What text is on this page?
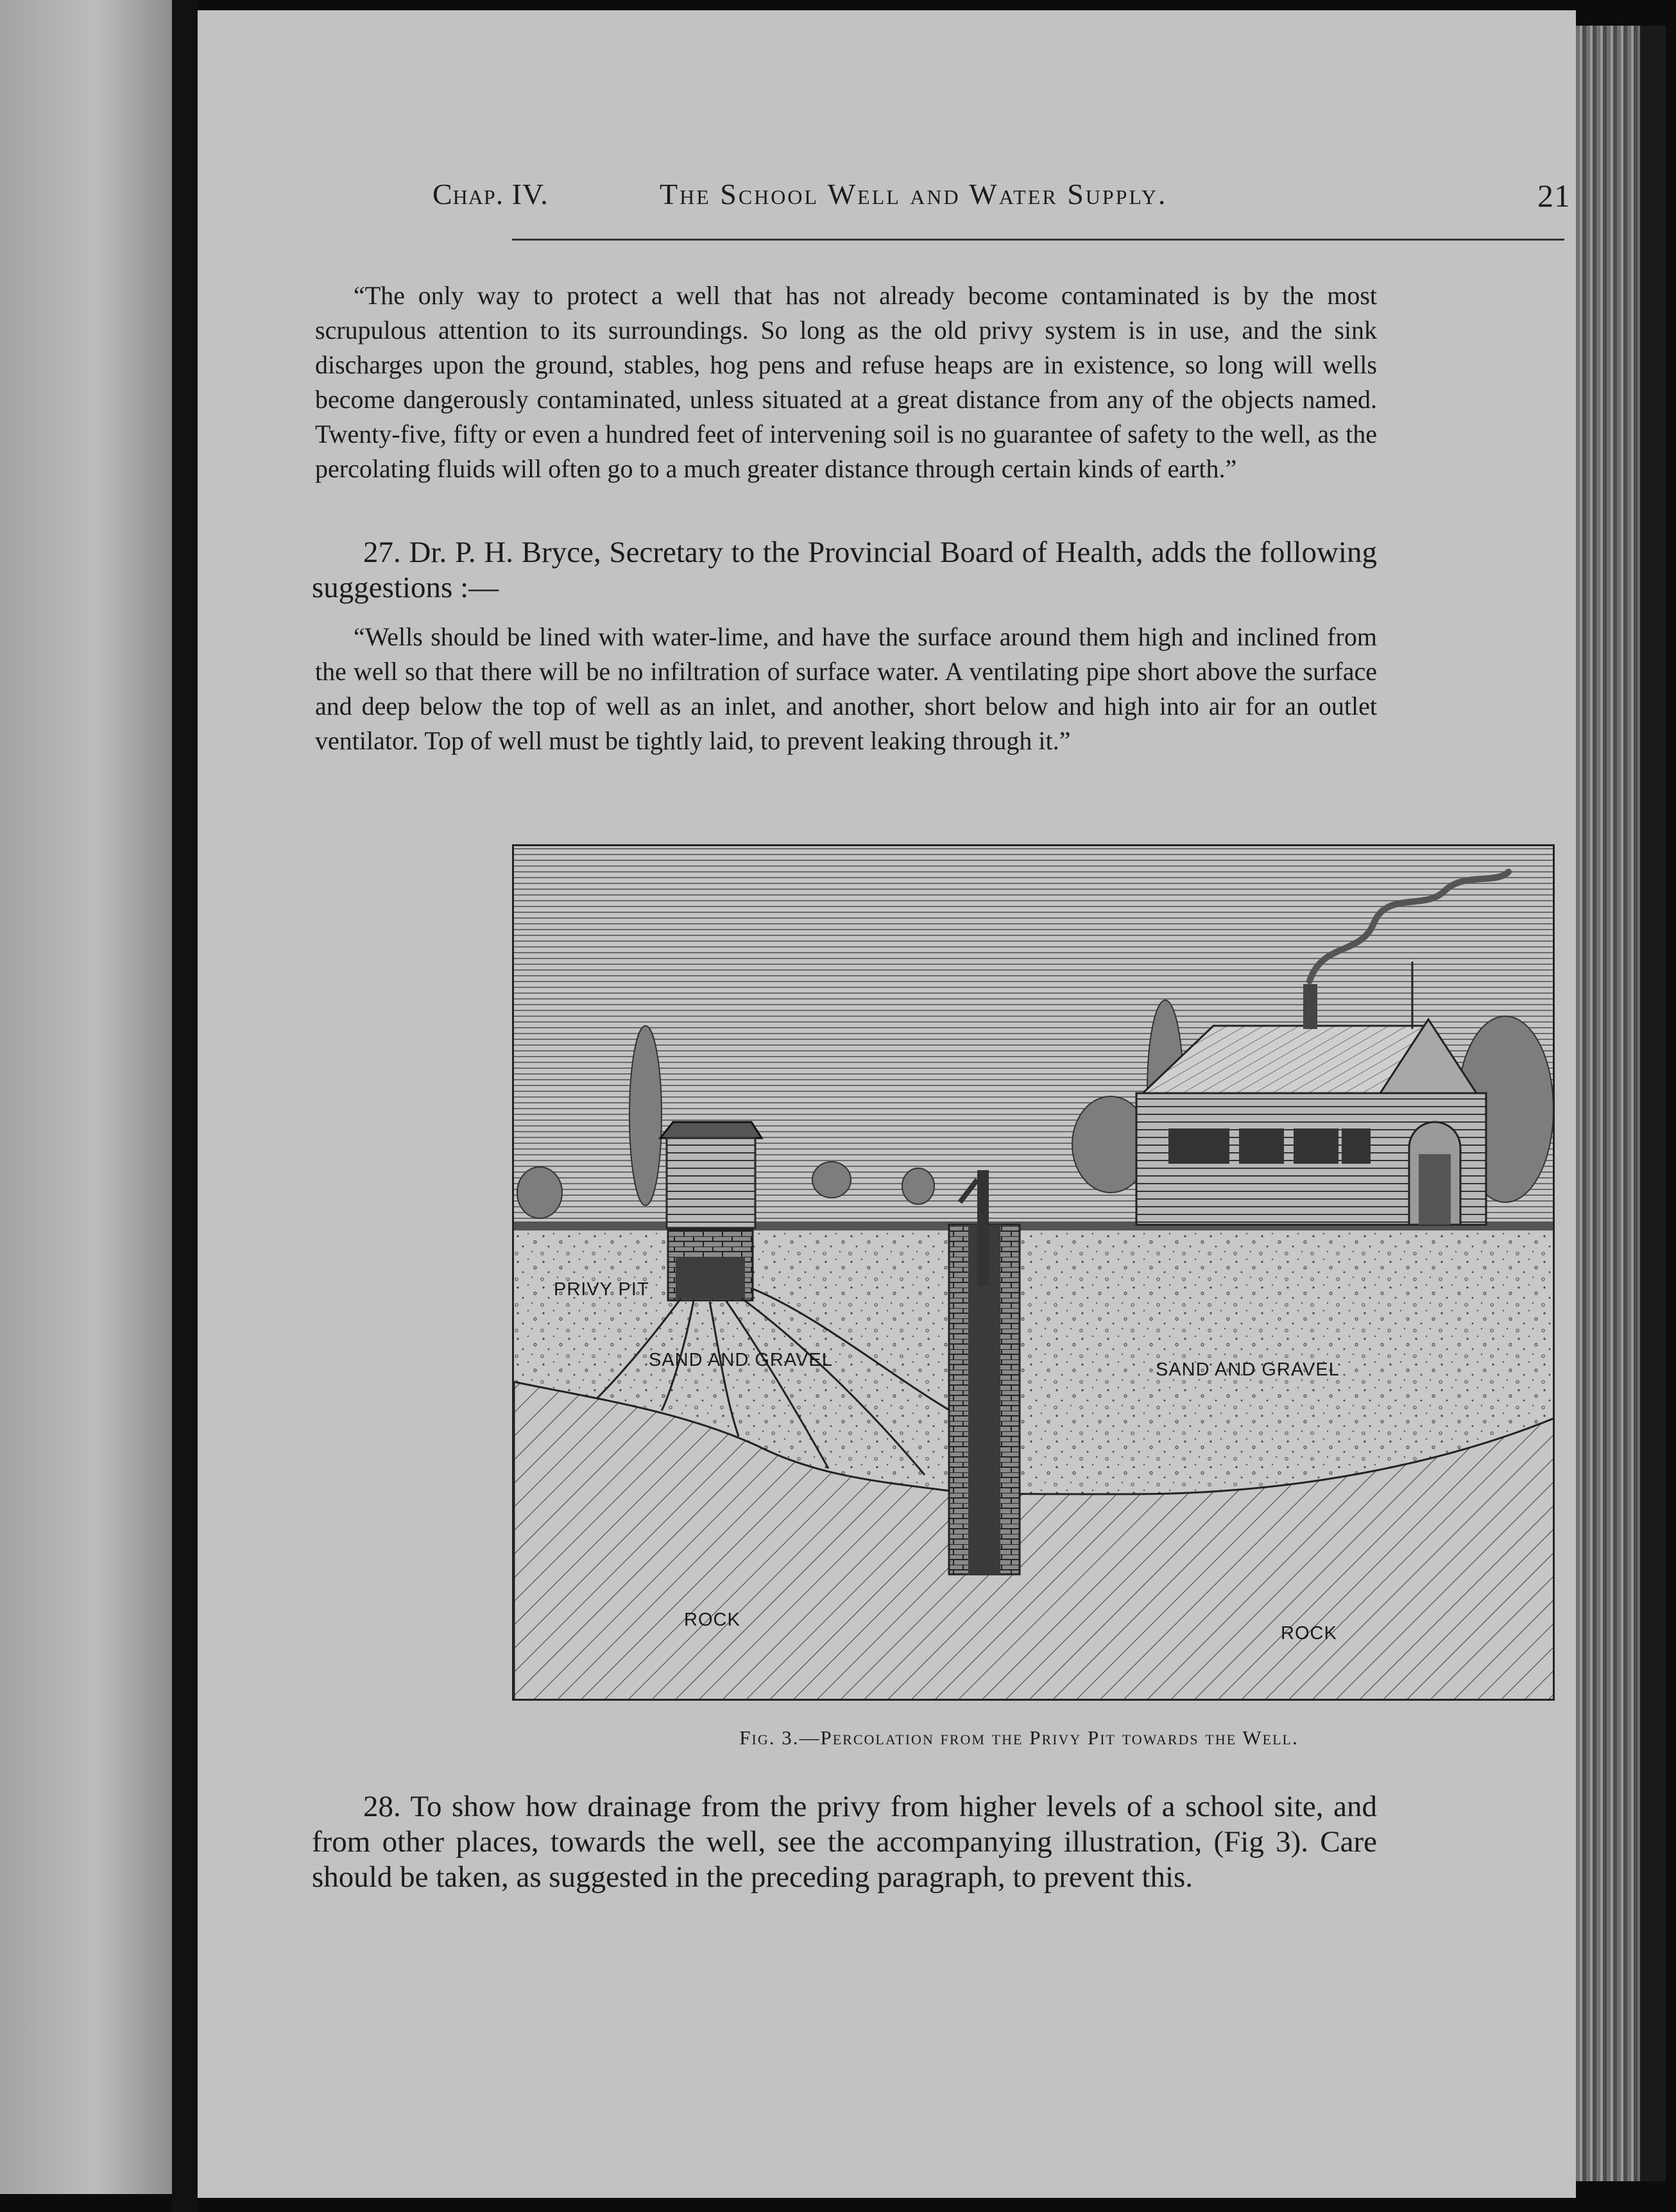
Chap. IV.	The School Well and Water Supply.	21

“The only way to protect a well that has not already become contaminated is by the most scrupulous attention to its surroundings. So long as the old privy system is in use, and the sink discharges upon the ground, stables, hog pens and refuse heaps are in existence, so long will wells become dangerously contaminated, unless situated at a great distance from any of the objects named. Twenty-five, fifty or even a hundred feet of intervening soil is no guarantee of safety to the well, as the percolating fluids will often go to a much greater distance through certain kinds of earth.”

27. Dr. P. H. Bryce, Secretary to the Provincial Board of Health, adds the following suggestions :—

“Wells should be lined with water-lime, and have the surface around them high and inclined from the well so that there will be no infiltration of surface water. A ventilating pipe short above the surface and deep below the top of well as an inlet, and another, short below and high into air for an outlet ventilator. Top of well must be tightly laid, to prevent leaking through it.”

PRIVY PIT
SAND AND GRAVEL	SAND AND GRAVEL
ROCK
ROCK

Fig. 3.—Percolation from the Privy Pit towards the Well.

28. To show how drainage from the privy from higher levels of a school site, and from other places, towards the well, see the accompanying illustration, (Fig 3). Care should be taken, as suggested in the preceding paragraph, to prevent this.
